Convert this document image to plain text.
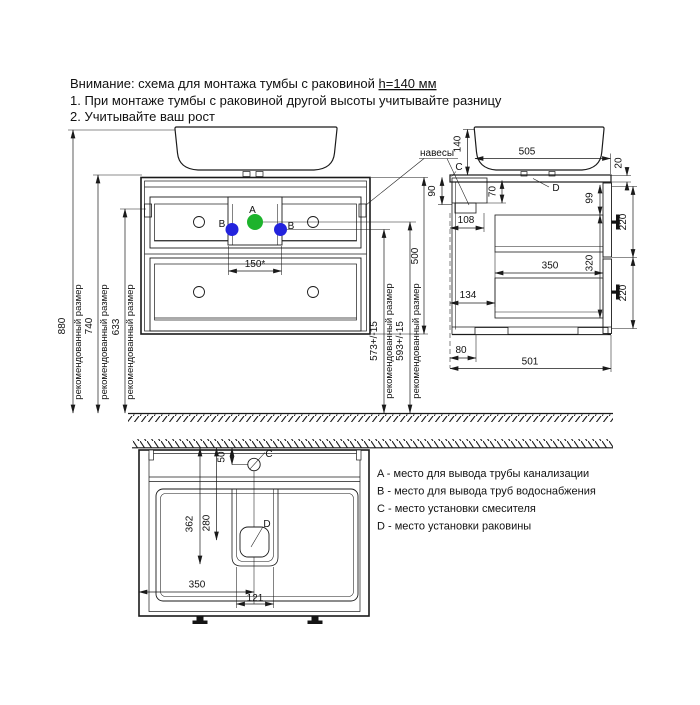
Внимание: схема для монтажа тумбы с раковиной h=140 мм
1. При монтаже тумбы с раковиной другой высоты учитывайте разницу
2. Учитывайте ваш рост
A
B	B
150*
500
880 рекомендованный размер 740 рекомендованный размер 633 рекомендованный размер	573+/-15 рекомендованный размер 593+/-15 рекомендованный размер
навесы	505
140
20
90	70
108
99
320
220
220
350
134
80
501
C
D
C
50
D
362 280
350
121
A - место для вывода трубы канализации
B - место для вывода труб водоснабжения
C - место установки смесителя
D - место установки раковины
